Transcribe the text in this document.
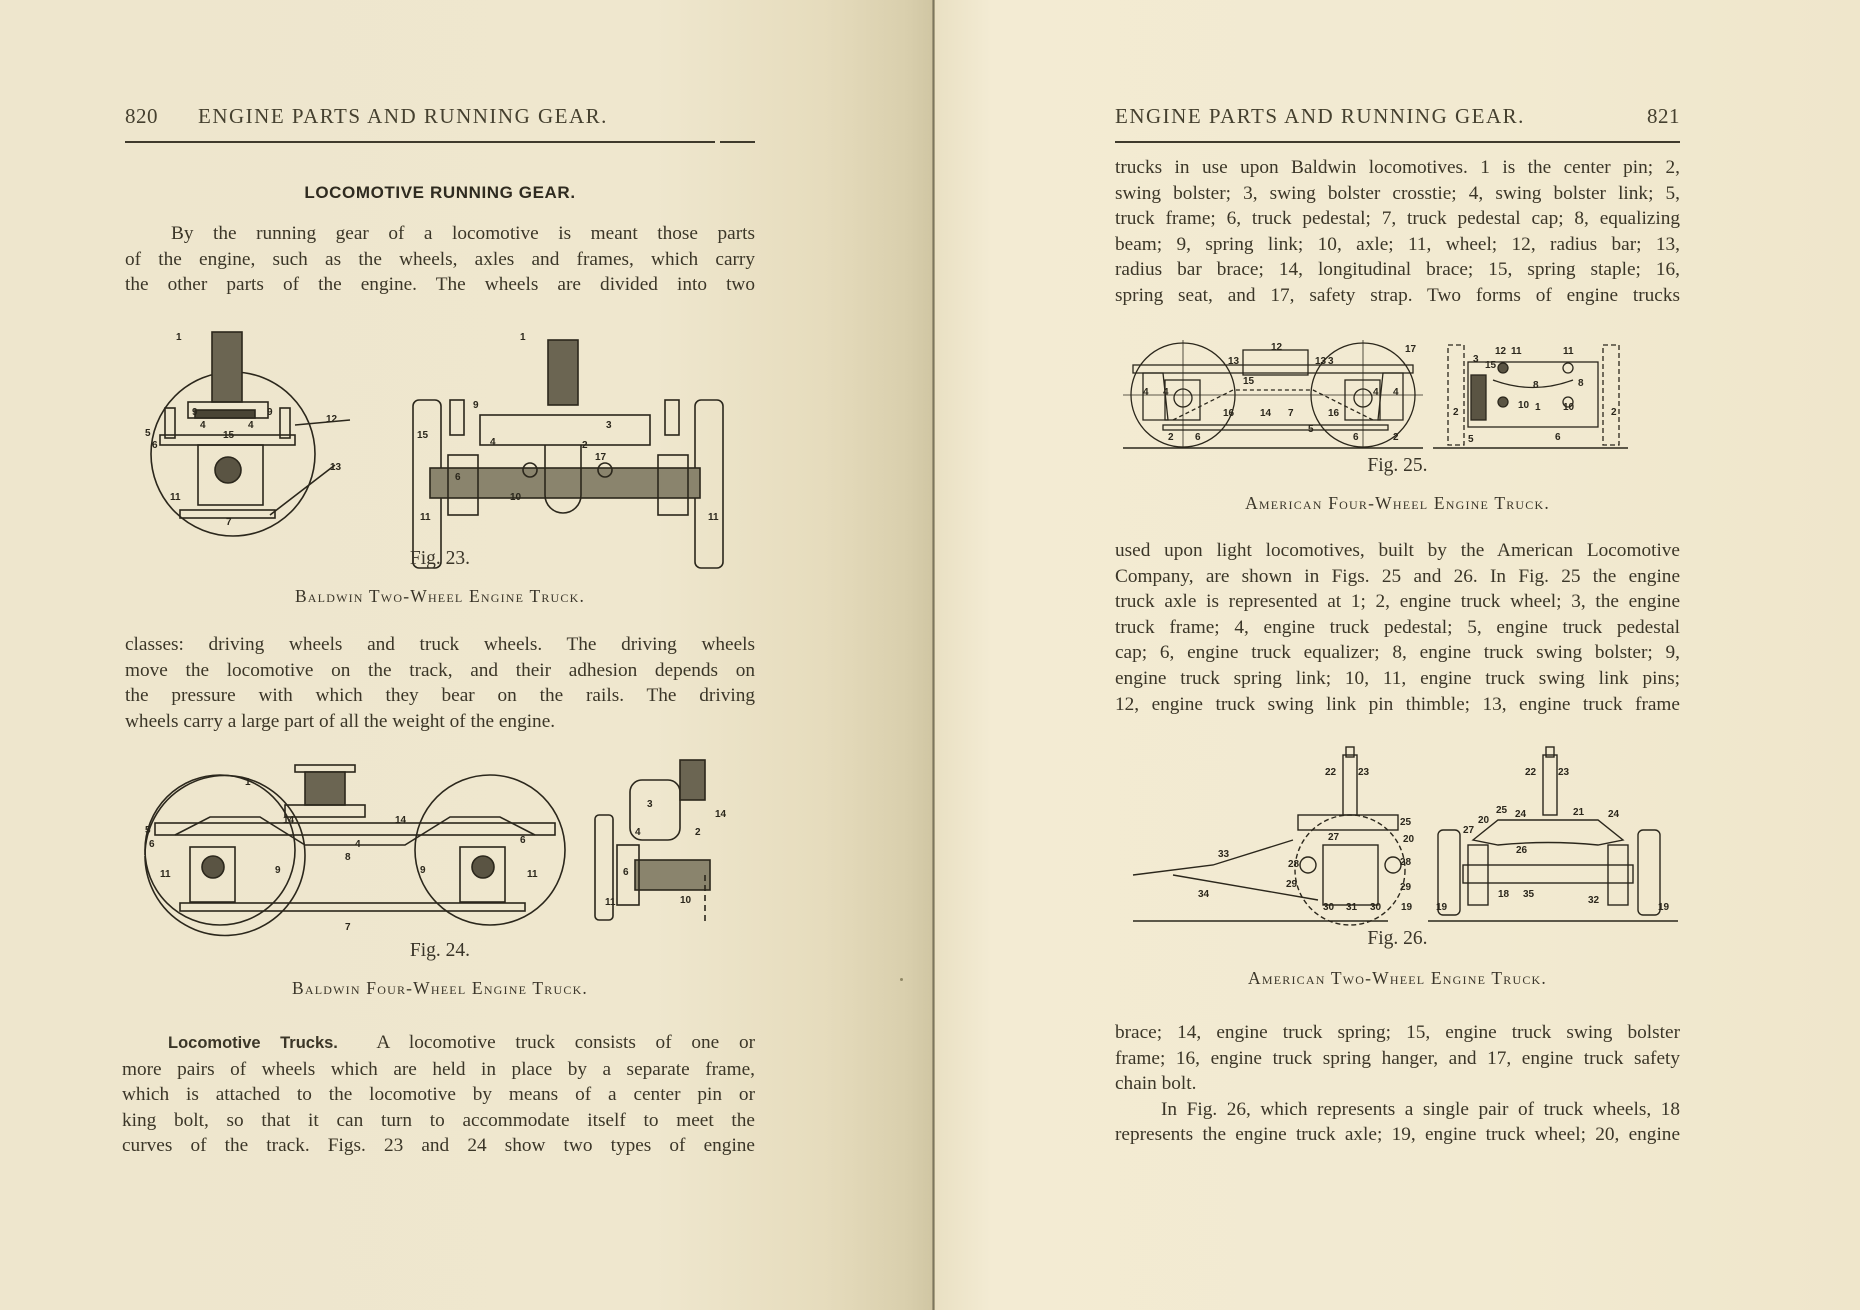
820 ENGINE PARTS AND RUNNING GEAR.
LOCOMOTIVE RUNNING GEAR.

By the running gear of a locomotive is meant those parts

of the engine, such as the wheels, axles and frames, which carry

the other parts of the engine. The wheels are divided into two

1
9	9
4	4
12
5
6
15
13
11
7
1
9
3
15
4	2
17
6
10
11	11
Fig. 23.
Baldwin Two-Wheel Engine Truck.

classes: driving wheels and truck wheels. The driving wheels

move the locomotive on the track, and their adhesion depends on

the pressure with which they bear on the rails. The driving

wheels carry a large part of all the weight of the engine.

1
14	14
5
6	4
8
9	9
6
11	11
7
3
14
4	2
6
10
11
Fig. 24.
Baldwin Four-Wheel Engine Truck.

Locomotive Trucks. A locomotive truck consists of one or

more pairs of wheels which are held in place by a separate frame,

which is attached to the locomotive by means of a center pin or

king bolt, so that it can turn to accommodate itself to meet the

curves of the track. Figs. 23 and 24 show two types of engine

ENGINE PARTS AND RUNNING GEAR.	821

trucks in use upon Baldwin locomotives. 1 is the center pin; 2,

swing bolster; 3, swing bolster crosstie; 4, swing bolster link; 5,

truck frame; 6, truck pedestal; 7, truck pedestal cap; 8, equalizing

beam; 9, spring link; 10, axle; 11, wheel; 12, radius bar; 13,

radius bar brace; 14, longitudinal brace; 15, spring staple; 16,

spring seat, and 17, safety strap. Two forms of engine trucks

12
13	13 3
17
4 4	4 4
15
16	14 7	16
5
6	6
2	2
12 11	11
3
15
8	8
10	10
1
2	2
5	6
Fig. 25.
American Four-Wheel Engine Truck.

used upon light locomotives, built by the American Locomotive

Company, are shown in Figs. 25 and 26. In Fig. 25 the engine

truck axle is represented at 1; 2, engine truck wheel; 3, the engine

truck frame; 4, engine truck pedestal; 5, engine truck pedestal

cap; 6, engine truck equalizer; 8, engine truck swing bolster; 9,

engine truck spring link; 10, 11, engine truck swing link pins;

12, engine truck swing link pin thimble; 13, engine truck frame

22 23
25
33
27	20
28	28
29	29
34
30 31 30 19
22 23
25 24
20
21 24
27
26
18 35
32
19	19
Fig. 26.
American Two-Wheel Engine Truck.

brace; 14, engine truck spring; 15, engine truck swing bolster

frame; 16, engine truck spring hanger, and 17, engine truck safety

chain bolt.

In Fig. 26, which represents a single pair of truck wheels, 18

represents the engine truck axle; 19, engine truck wheel; 20, engine
